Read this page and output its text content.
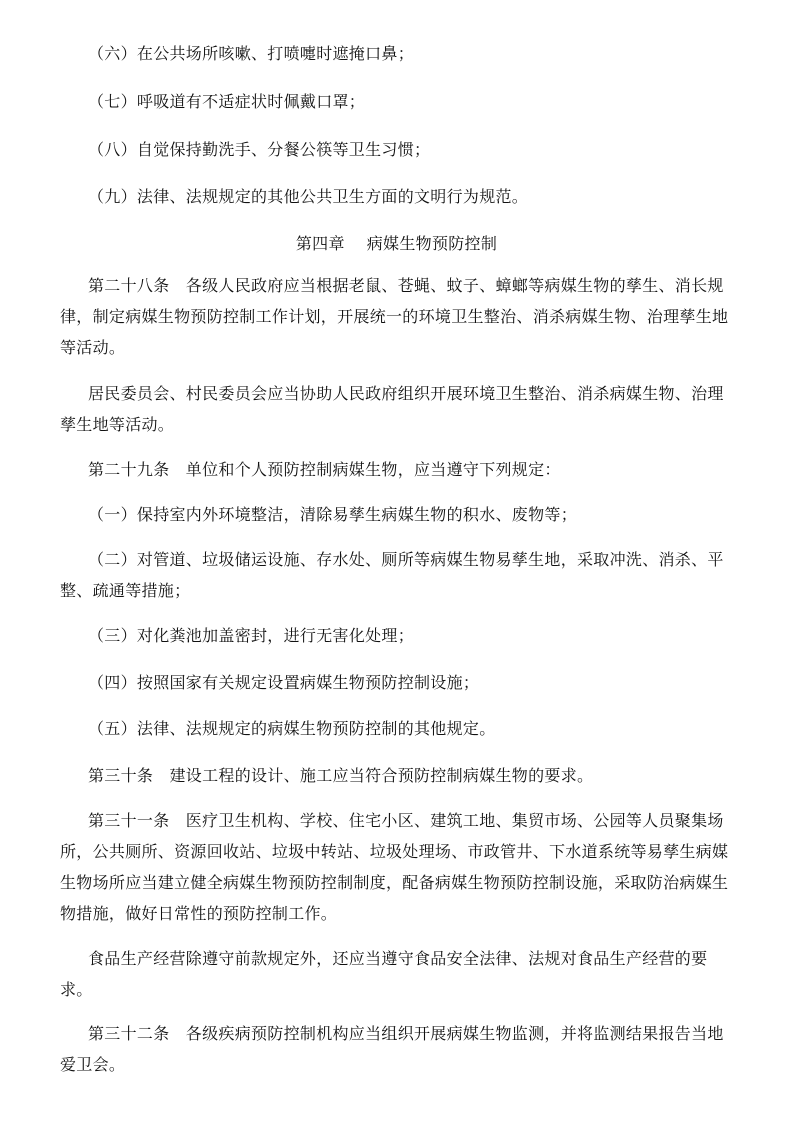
（六）在公共场所咳嗽、打喷嚏时遮掩口鼻；

（七）呼吸道有不适症状时佩戴口罩；

（八）自觉保持勤洗手、分餐公筷等卫生习惯；

（九）法律、法规规定的其他公共卫生方面的文明行为规范。

第四章 病媒生物预防控制

第二十八条　各级人民政府应当根据老鼠、苍蝇、蚊子、蟑螂等病媒生物的孳生、消长规
律，制定病媒生物预防控制工作计划，开展统一的环境卫生整治、消杀病媒生物、治理孳生地
等活动。
居民委员会、村民委员会应当协助人民政府组织开展环境卫生整治、消杀病媒生物、治理
孳生地等活动。

第二十九条　单位和个人预防控制病媒生物，应当遵守下列规定：

（一）保持室内外环境整洁，清除易孳生病媒生物的积水、废物等；

（二）对管道、垃圾储运设施、存水处、厕所等病媒生物易孳生地，采取冲洗、消杀、平
整、疏通等措施；

（三）对化粪池加盖密封，进行无害化处理；

（四）按照国家有关规定设置病媒生物预防控制设施；

（五）法律、法规规定的病媒生物预防控制的其他规定。

第三十条　建设工程的设计、施工应当符合预防控制病媒生物的要求。

第三十一条　医疗卫生机构、学校、住宅小区、建筑工地、集贸市场、公园等人员聚集场
所，公共厕所、资源回收站、垃圾中转站、垃圾处理场、市政管井、下水道系统等易孳生病媒
生物场所应当建立健全病媒生物预防控制制度，配备病媒生物预防控制设施，采取防治病媒生
物措施，做好日常性的预防控制工作。
食品生产经营除遵守前款规定外，还应当遵守食品安全法律、法规对食品生产经营的要
求。
第三十二条　各级疾病预防控制机构应当组织开展病媒生物监测，并将监测结果报告当地
爱卫会。
